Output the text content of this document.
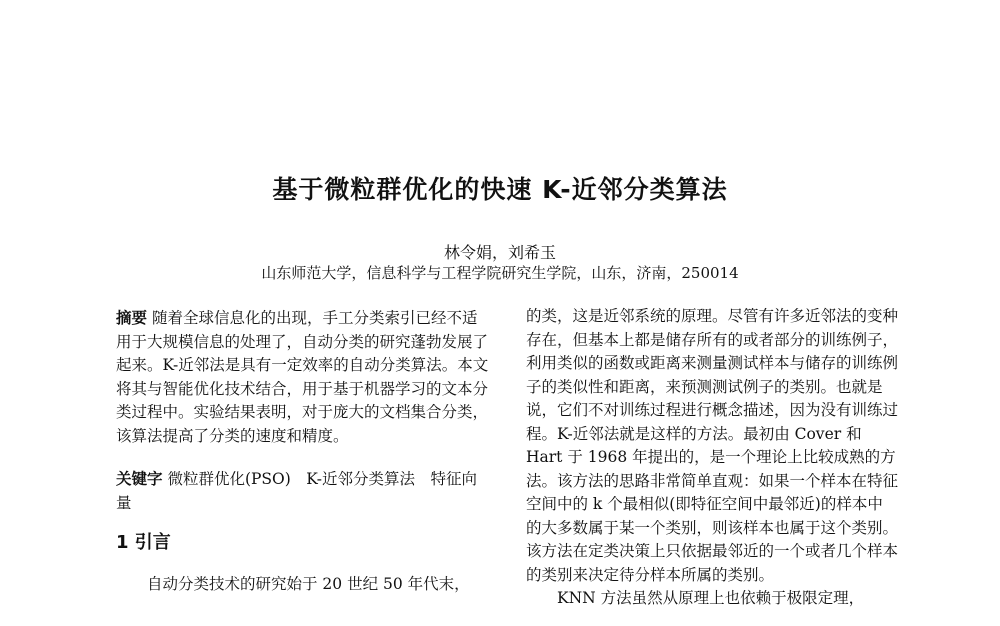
基于微粒群优化的快速 K-近邻分类算法
林令娟，刘希玉
山东师范大学，信息科学与工程学院研究生学院，山东，济南，250014

摘要 随着全球信息化的出现，手工分类索引已经不适用于大规模信息的处理了，自动分类的研究蓬勃发展了起来。K-近邻法是具有一定效率的自动分类算法。本文将其与智能优化技术结合，用于基于机器学习的文本分类过程中。实验结果表明，对于庞大的文档集合分类，该算法提高了分类的速度和精度。

关键字 微粒群优化(PSO)　K-近邻分类算法　特征向量

1 引言

自动分类技术的研究始于 20 世纪 50 年代末，

的类，这是近邻系统的原理。尽管有许多近邻法的变种存在，但基本上都是储存所有的或者部分的训练例子，利用类似的函数或距离来测量测试样本与储存的训练例子的类似性和距离，来预测测试例子的类别。也就是说，它们不对训练过程进行概念描述，因为没有训练过程。K-近邻法就是这样的方法。最初由 Cover 和 Hart 于 1968 年提出的，是一个理论上比较成熟的方法。该方法的思路非常简单直观：如果一个样本在特征空间中的 k 个最相似(即特征空间中最邻近)的样本中的大多数属于某一个类别，则该样本也属于这个类别。该方法在定类决策上只依据最邻近的一个或者几个样本的类别来决定待分样本所属的类别。

KNN 方法虽然从原理上也依赖于极限定理，
